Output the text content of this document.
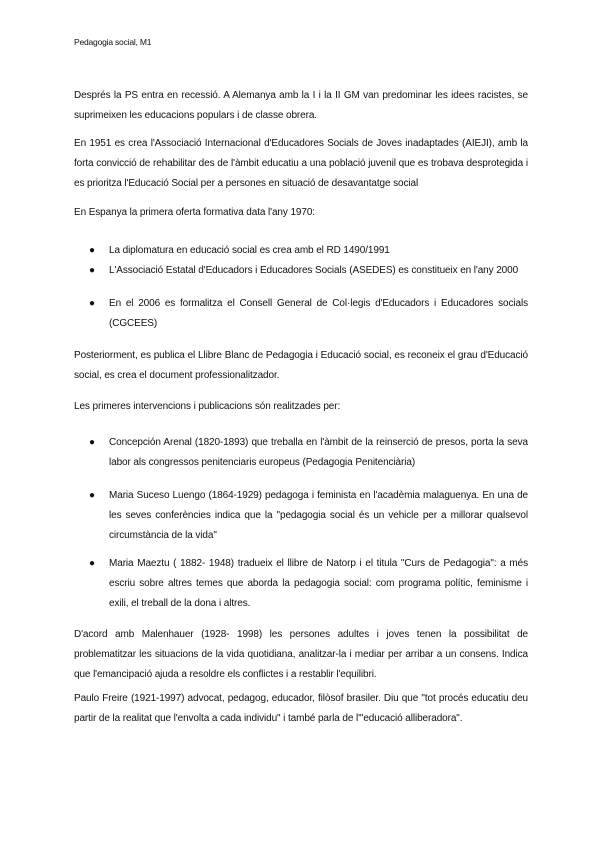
Pedagogia social, M1

Després la PS entra en recessió. A Alemanya amb la I i la II GM van predominar les idees racistes, se suprimeixen les educacions populars i de classe obrera.

En 1951 es crea l'Associació Internacional d'Educadores Socials de Joves inadaptades (AIEJI), amb la forta convicció de rehabilitar des de l'àmbit educatiu a una població juvenil que es trobava desprotegida i es prioritza l'Educació Social per a persones en situació de desavantatge social

En Espanya la primera oferta formativa data l'any 1970:

● La diplomatura en educació social es crea amb el RD 1490/1991

● L'Associació Estatal d'Educadors i Educadores Socials (ASEDES) es constitueix en l'any 2000

● En el 2006 es formalitza el Consell General de Col·legis d'Educadors i Educadores socials (CGCEES)

Posteriorment, es publica el Llibre Blanc de Pedagogia i Educació social, es reconeix el grau d'Educació social, es crea el document professionalitzador.

Les primeres intervencions i publicacions són realitzades per:

● Concepción Arenal (1820-1893) que treballa en l'àmbit de la reinserció de presos, porta la seva labor als congressos penitenciaris europeus (Pedagogia Penitenciària)

● Maria Suceso Luengo (1864-1929) pedagoga i feminista en l'acadèmia malaguenya. En una de les seves conferències indica que la "pedagogia social és un vehicle per a millorar qualsevol circumstància de la vida"

● Maria Maeztu ( 1882- 1948) tradueix el llibre de Natorp i el titula "Curs de Pedagogia": a més escriu sobre altres temes que aborda la pedagogia social: com programa polític, feminisme i exili, el treball de la dona i altres.

D'acord amb Malenhauer (1928- 1998) les persones adultes i joves tenen la possibilitat de problematitzar les situacions de la vida quotidiana, analitzar-la i mediar per arribar a un consens. Indica que l'emancipació ajuda a resoldre els conflictes i a restablir l'equilibri.

Paulo Freire (1921-1997) advocat, pedagog, educador, filòsof brasiler. Diu que "tot procés educatiu deu partir de la realitat que l'envolta a cada individu" i també parla de l'"educació alliberadora".
